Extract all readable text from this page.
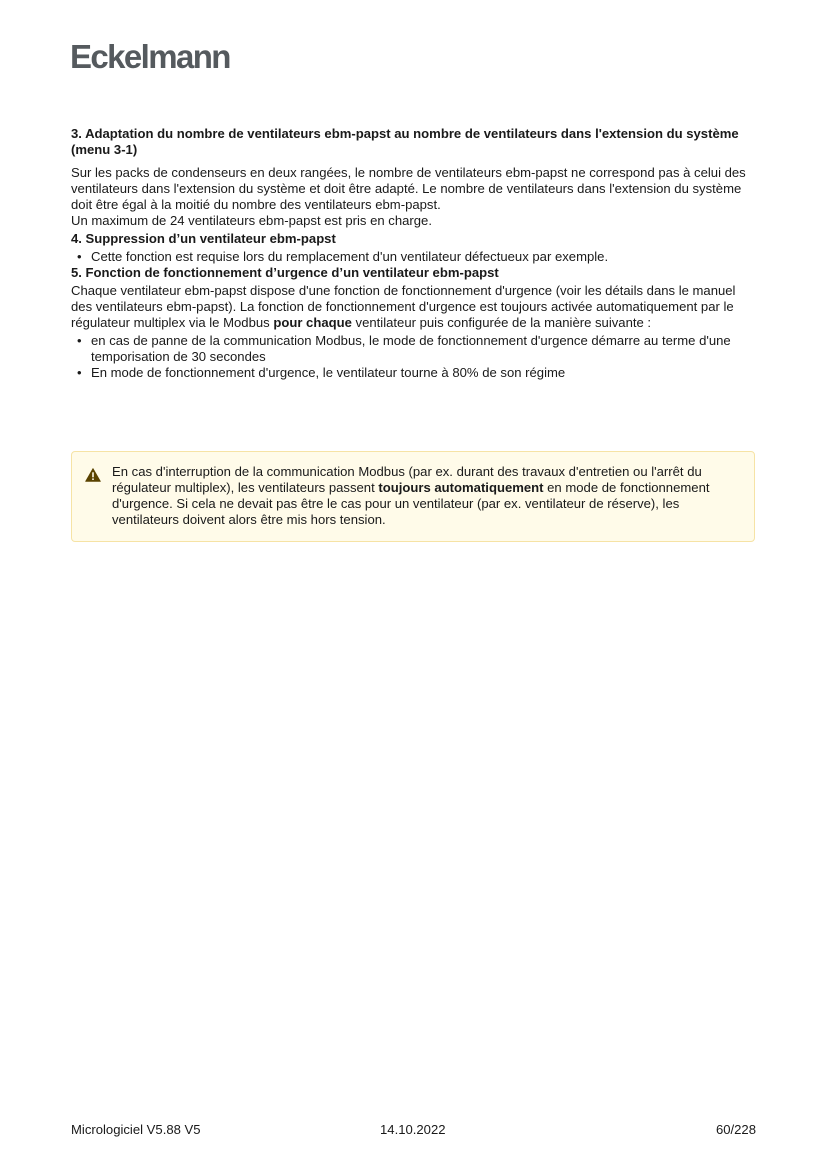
Eckelmann

3. Adaptation du nombre de ventilateurs ebm-papst au nombre de ventilateurs dans l'extension du système (menu 3-1)

Sur les packs de condenseurs en deux rangées, le nombre de ventilateurs ebm-papst ne correspond pas à celui des ventilateurs dans l'extension du système et doit être adapté. Le nombre de ventilateurs dans l'extension du système doit être égal à la moitié du nombre des ventilateurs ebm-papst.

Un maximum de 24 ventilateurs ebm-papst est pris en charge.

4. Suppression d’un ventilateur ebm-papst

• Cette fonction est requise lors du remplacement d'un ventilateur défectueux par exemple.

5. Fonction de fonctionnement d’urgence d’un ventilateur ebm-papst

Chaque ventilateur ebm-papst dispose d'une fonction de fonctionnement d'urgence (voir les détails dans le manuel des ventilateurs ebm-papst). La fonction de fonctionnement d'urgence est toujours activée automatiquement par le régulateur multiplex via le Modbus pour chaque ventilateur puis configurée de la manière suivante :

• en cas de panne de la communication Modbus, le mode de fonctionnement d'urgence démarre au terme d'une temporisation de 30 secondes
• En mode de fonctionnement d'urgence, le ventilateur tourne à 80% de son régime
En cas d'interruption de la communication Modbus (par ex. durant des travaux d'entretien ou l'arrêt du régulateur multiplex), les ventilateurs passent toujours automatiquement en mode de fonctionnement d'urgence. Si cela ne devait pas être le cas pour un ventilateur (par ex. ventilateur de réserve), les ventilateurs doivent alors être mis hors tension.
Micrologiciel V5.88 V5	14.10.2022	60/228
